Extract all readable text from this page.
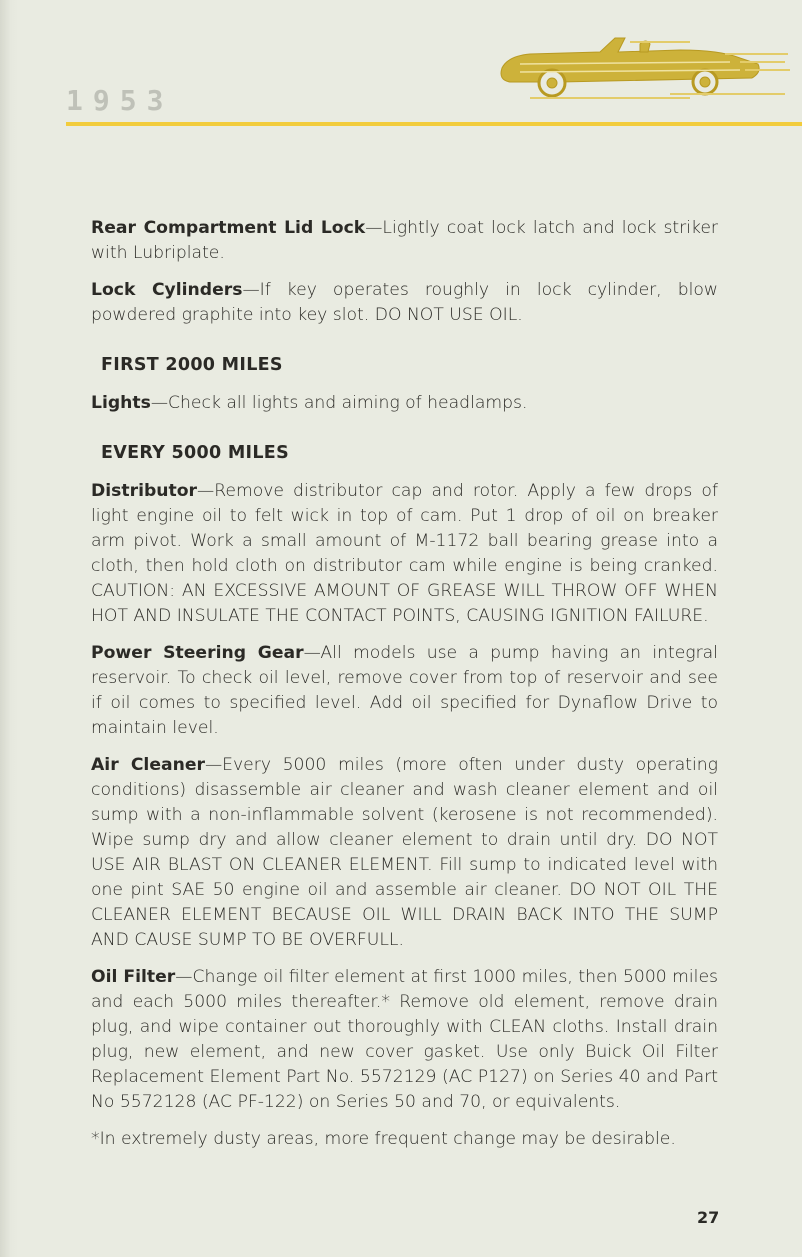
1953

Rear Compartment Lid Lock—Lightly coat lock latch and lock striker with Lubriplate.

Lock Cylinders—If key operates roughly in lock cylinder, blow powdered graphite into key slot. DO NOT USE OIL.

FIRST 2000 MILES

Lights—Check all lights and aiming of headlamps.

EVERY 5000 MILES

Distributor—Remove distributor cap and rotor. Apply a few drops of light engine oil to felt wick in top of cam. Put 1 drop of oil on breaker arm pivot. Work a small amount of M-1172 ball bearing grease into a cloth, then hold cloth on distributor cam while engine is being cranked. CAUTION: AN EXCESSIVE AMOUNT OF GREASE WILL THROW OFF WHEN HOT AND INSULATE THE CONTACT POINTS, CAUSING IGNITION FAILURE.

Power Steering Gear—All models use a pump having an integral reservoir. To check oil level, remove cover from top of reservoir and see if oil comes to specified level. Add oil specified for Dynaflow Drive to maintain level.

Air Cleaner—Every 5000 miles (more often under dusty operating conditions) disassemble air cleaner and wash cleaner element and oil sump with a non-inflammable solvent (kerosene is not recommended). Wipe sump dry and allow cleaner element to drain until dry. DO NOT USE AIR BLAST ON CLEANER ELEMENT. Fill sump to indicated level with one pint SAE 50 engine oil and assemble air cleaner. DO NOT OIL THE CLEANER ELEMENT BECAUSE OIL WILL DRAIN BACK INTO THE SUMP AND CAUSE SUMP TO BE OVERFULL.

Oil Filter—Change oil filter element at first 1000 miles, then 5000 miles and each 5000 miles thereafter.* Remove old element, remove drain plug, and wipe container out thoroughly with CLEAN cloths. Install drain plug, new element, and new cover gasket. Use only Buick Oil Filter Replacement Element Part No. 5572129 (AC P127) on Series 40 and Part No 5572128 (AC PF-122) on Series 50 and 70, or equivalents.

*In extremely dusty areas, more frequent change may be desirable.

27
